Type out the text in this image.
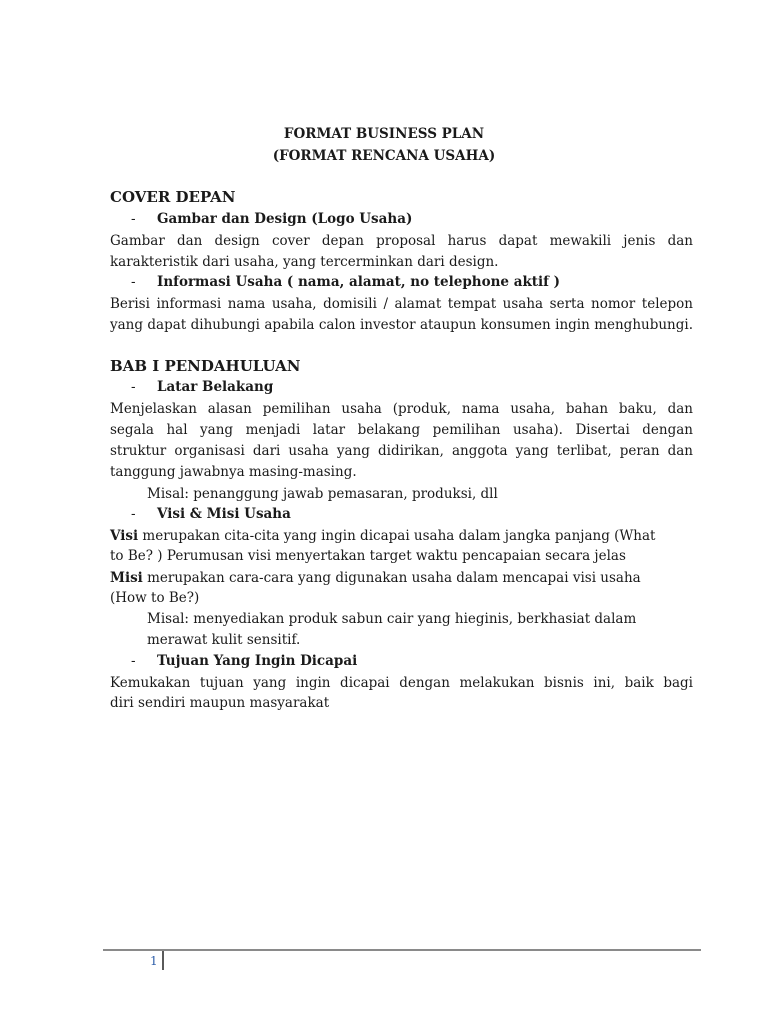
FORMAT BUSINESS PLAN
(FORMAT RENCANA USAHA)
COVER DEPAN
- Gambar dan Design (Logo Usaha)
Gambar dan design cover depan proposal harus dapat mewakili jenis dan
karakteristik dari usaha, yang tercerminkan dari design.
- Informasi Usaha ( nama, alamat, no telephone aktif )
Berisi informasi nama usaha, domisili / alamat tempat usaha serta nomor telepon
yang dapat dihubungi apabila calon investor ataupun konsumen ingin menghubungi.
BAB I PENDAHULUAN
- Latar Belakang
Menjelaskan alasan pemilihan usaha (produk, nama usaha, bahan baku, dan
segala hal yang menjadi latar belakang pemilihan usaha). Disertai dengan
struktur organisasi dari usaha yang didirikan, anggota yang terlibat, peran dan
tanggung jawabnya masing-masing.
Misal: penanggung jawab pemasaran, produksi, dll
- Visi & Misi Usaha
Visi merupakan cita-cita yang ingin dicapai usaha dalam jangka panjang (What
to Be? ) Perumusan visi menyertakan target waktu pencapaian secara jelas
Misi merupakan cara-cara yang digunakan usaha dalam mencapai visi usaha
(How to Be?)
Misal: menyediakan produk sabun cair yang hieginis, berkhasiat dalam
merawat kulit sensitif.
- Tujuan Yang Ingin Dicapai
Kemukakan tujuan yang ingin dicapai dengan melakukan bisnis ini, baik bagi
diri sendiri maupun masyarakat
1
